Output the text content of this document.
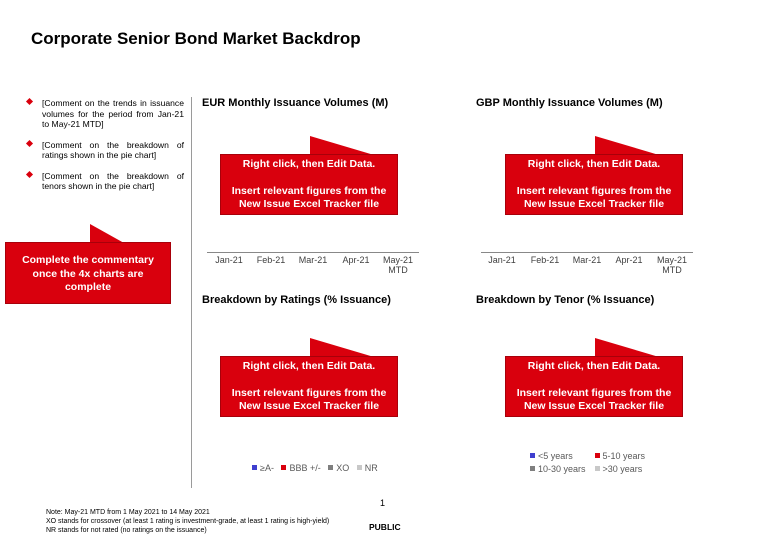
Corporate Senior Bond Market Backdrop
[Comment on the trends in issuance volumes for the period from Jan-21 to May-21 MTD]
[Comment on the breakdown of ratings shown in the pie chart]
[Comment on the breakdown of tenors shown in the pie chart]
Complete the commentary once the 4x charts are complete
EUR Monthly Issuance Volumes (M)
Right click, then Edit Data.
Insert relevant figures from the New Issue Excel Tracker file
Jan-21	Feb-21	Mar-21	Apr-21	May-21
MTD
GBP Monthly Issuance Volumes (M)
Right click, then Edit Data.
Insert relevant figures from the New Issue Excel Tracker file
Jan-21	Feb-21	Mar-21	Apr-21	May-21
MTD
Breakdown by Ratings (% Issuance)
Right click, then Edit Data.
Insert relevant figures from the New Issue Excel Tracker file
≥A- BBB +/- XO NR
Breakdown by Tenor (% Issuance)
Right click, then Edit Data.
Insert relevant figures from the New Issue Excel Tracker file
<5 years	5-10 years
10-30 years >30 years
Note: May-21 MTD from 1 May 2021 to 14 May 2021
XO stands for crossover (at least 1 rating is investment-grade, at least 1 rating is high-yield)
NR stands for not rated (no ratings on the issuance)
1
PUBLIC
